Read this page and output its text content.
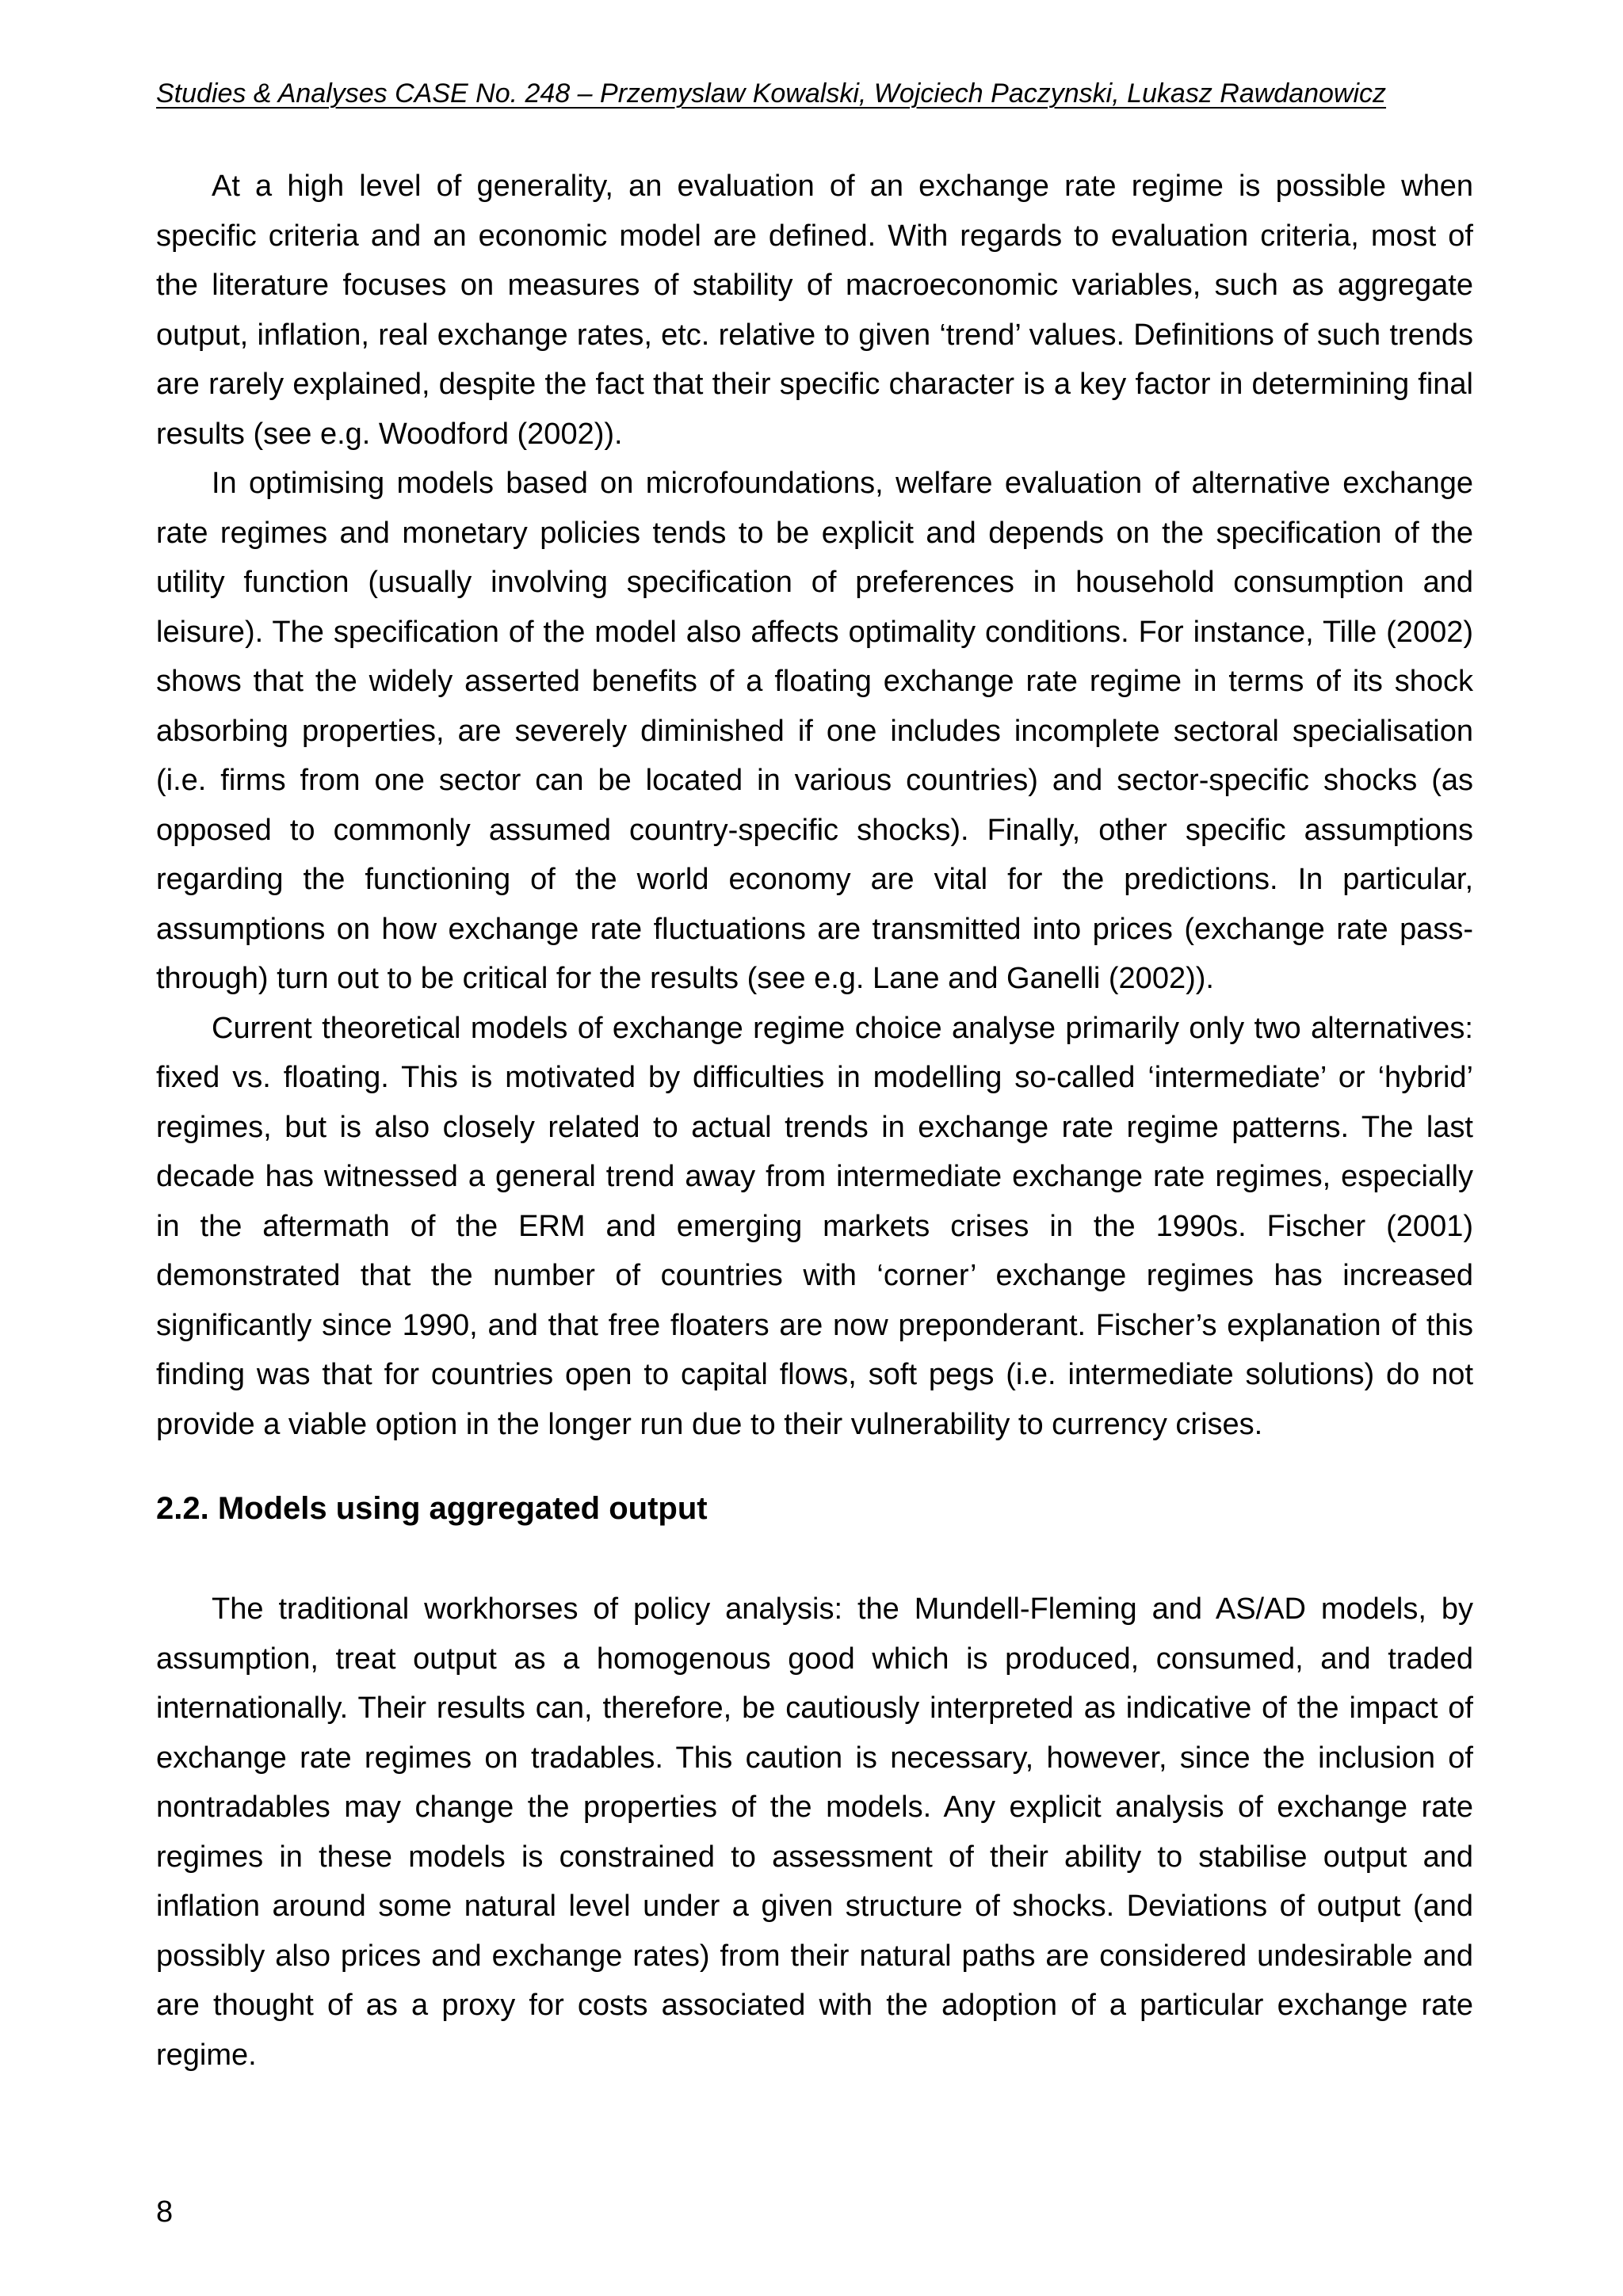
Studies & Analyses CASE No. 248 – Przemyslaw Kowalski, Wojciech Paczynski, Lukasz Rawdanowicz

At a high level of generality, an evaluation of an exchange rate regime is possible when specific criteria and an economic model are defined. With regards to evaluation criteria, most of the literature focuses on measures of stability of macroeconomic variables, such as aggregate output, inflation, real exchange rates, etc. relative to given ‘trend’ values. Definitions of such trends are rarely explained, despite the fact that their specific character is a key factor in determining final results (see e.g. Woodford (2002)).

In optimising models based on microfoundations, welfare evaluation of alternative exchange rate regimes and monetary policies tends to be explicit and depends on the specification of the utility function (usually involving specification of preferences in household consumption and leisure). The specification of the model also affects optimality conditions. For instance, Tille (2002) shows that the widely asserted benefits of a floating exchange rate regime in terms of its shock absorbing properties, are severely diminished if one includes incomplete sectoral specialisation (i.e. firms from one sector can be located in various countries) and sector-specific shocks (as opposed to commonly assumed country-specific shocks). Finally, other specific assumptions regarding the functioning of the world economy are vital for the predictions. In particular, assumptions on how exchange rate fluctuations are transmitted into prices (exchange rate pass-through) turn out to be critical for the results (see e.g. Lane and Ganelli (2002)).

Current theoretical models of exchange regime choice analyse primarily only two alternatives: fixed vs. floating. This is motivated by difficulties in modelling so-called ‘intermediate’ or ‘hybrid’ regimes, but is also closely related to actual trends in exchange rate regime patterns. The last decade has witnessed a general trend away from intermediate exchange rate regimes, especially in the aftermath of the ERM and emerging markets crises in the 1990s. Fischer (2001) demonstrated that the number of countries with ‘corner’ exchange regimes has increased significantly since 1990, and that free floaters are now preponderant. Fischer’s explanation of this finding was that for countries open to capital flows, soft pegs (i.e. intermediate solutions) do not provide a viable option in the longer run due to their vulnerability to currency crises.

2.2. Models using aggregated output

The traditional workhorses of policy analysis: the Mundell-Fleming and AS/AD models, by assumption, treat output as a homogenous good which is produced, consumed, and traded internationally. Their results can, therefore, be cautiously interpreted as indicative of the impact of exchange rate regimes on tradables. This caution is necessary, however, since the inclusion of nontradables may change the properties of the models. Any explicit analysis of exchange rate regimes in these models is constrained to assessment of their ability to stabilise output and inflation around some natural level under a given structure of shocks. Deviations of output (and possibly also prices and exchange rates) from their natural paths are considered undesirable and are thought of as a proxy for costs associated with the adoption of a particular exchange rate regime.

8
